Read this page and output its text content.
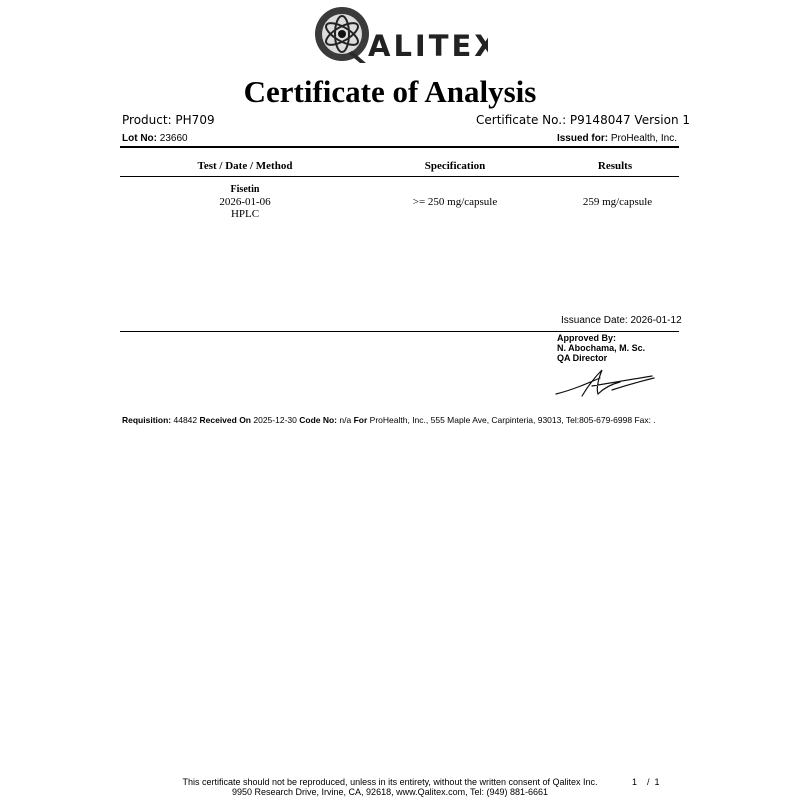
ALITEX
Certificate of Analysis
Product: PH709	Certificate No.: P9148047 Version 1
Lot No: 23660	Issued for: ProHealth, Inc.
Test / Date / Method	Specification	Results
Fisetin
2026-01-06
HPLC
>= 250 mg/capsule	259 mg/capsule
Issuance Date: 2026-01-12
Approved By:
N. Abochama, M. Sc.
QA Director
Requisition: 44842 Received On 2025-12-30 Code No: n/a For ProHealth, Inc., 555 Maple Ave, Carpinteria, 93013, Tel:805-679-6998 Fax: .
This certificate should not be reproduced, unless in its entirety, without the written consent of Qalitex Inc.
9950 Research Drive, Irvine, CA, 92618, www.Qalitex.com, Tel: (949) 881-6661
1    /  1
